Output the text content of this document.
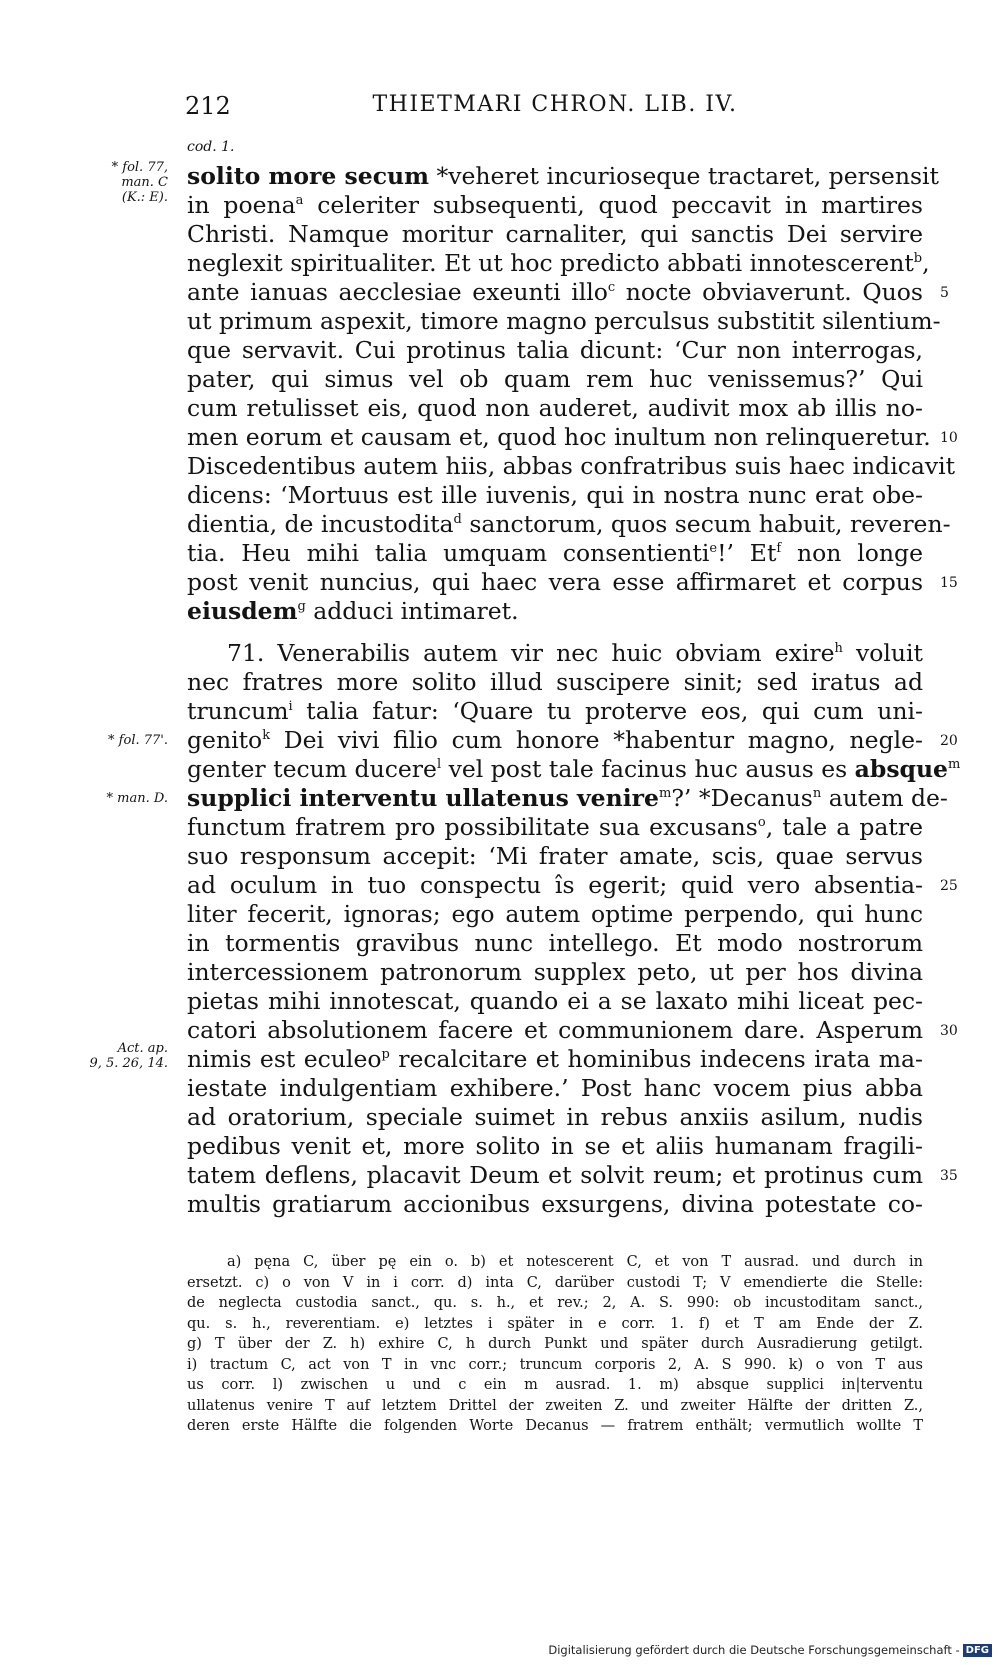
212	THIETMARI CHRON. LIB. IV.
cod. 1.
* fol. 77,
man. C
(K.: E).
* fol. 77'.
* man. D.
Act. ap.
9, 5. 26, 14.
solito more secum *veheret incurioseque tractaret, persensit
in poena$^a$ celeriter subsequenti, quod peccavit in martires
Christi. Namque moritur carnaliter, qui sanctis Dei servire
neglexit spiritualiter. Et ut hoc predicto abbati innotescerent$^b$,
ante ianuas aecclesiae exeunti illo$^c$ nocte obviaverunt. Quos
ut primum aspexit, timore magno perculsus substitit silentium-
que servavit. Cui protinus talia dicunt: ‘Cur non interrogas,
pater, qui simus vel ob quam rem huc venissemus?’ Qui
cum retulisset eis, quod non auderet, audivit mox ab illis no-
men eorum et causam et, quod hoc inultum non relinqueretur.
Discedentibus autem hiis, abbas confratribus suis haec indicavit
dicens: ‘Mortuus est ille iuvenis, qui in nostra nunc erat obe-
dientia, de incustodita$^d$ sanctorum, quos secum habuit, reveren-
tia. Heu mihi talia umquam consentienti$^e$!’ Et$^f$ non longe
post venit nuncius, qui haec vera esse affirmaret et corpus
eiusdem$^g$ adduci intimaret.
71. Venerabilis autem vir nec huic obviam exire$^h$ voluit
nec fratres more solito illud suscipere sinit; sed iratus ad
truncum$^i$ talia fatur: ‘Quare tu proterve eos, qui cum uni-
genito$^k$ Dei vivi filio cum honore *habentur magno, negle-
genter tecum ducere$^l$ vel post tale facinus huc ausus es absque$^m$
supplici interventu ullatenus venire$^m$?’ *Decanus$^n$ autem de-
functum fratrem pro possibilitate sua excusans$^o$, tale a patre
suo responsum accepit: ‘Mi frater amate, scis, quae servus
ad oculum in tuo conspectu îs egerit; quid vero absentia-
liter fecerit, ignoras; ego autem optime perpendo, qui hunc
in tormentis gravibus nunc intellego. Et modo nostrorum
intercessionem patronorum supplex peto, ut per hos divina
pietas mihi innotescat, quando ei a se laxato mihi liceat pec-
catori absolutionem facere et communionem dare. Asperum
nimis est eculeo$^p$ recalcitare et hominibus indecens irata ma-
iestate indulgentiam exhibere.’ Post hanc vocem pius abba
ad oratorium, speciale suimet in rebus anxiis asilum, nudis
pedibus venit et, more solito in se et aliis humanam fragili-
tatem deflens, placavit Deum et solvit reum; et protinus cum
multis gratiarum accionibus exsurgens, divina potestate co-
5
10
15
20
25
30
35
a) pęna C, über pę ein o. b) et notescerent C, et von T ausrad. und durch in
ersetzt. c) o von V in i corr. d) inta C, darüber custodi T; V emendierte die Stelle:
de neglecta custodia sanct., qu. s. h., et rev.; 2, A. S. 990: ob incustoditam sanct.,
qu. s. h., reverentiam. e) letztes i später in e corr. 1. f) et T am Ende der Z.
g) T über der Z. h) exhire C, h durch Punkt und später durch Ausradierung getilgt.
i) tractum C, act von T in vnc corr.; truncum corporis 2, A. S 990. k) o von T aus
us corr. l) zwischen u und c ein m ausrad. 1. m) absque supplici in|terventu
ullatenus venire T auf letztem Drittel der zweiten Z. und zweiter Hälfte der dritten Z.,
deren erste Hälfte die folgenden Worte Decanus — fratrem enthält; vermutlich wollte T
Digitalisierung gefördert durch die Deutsche Forschungsgemeinschaft - DFG
